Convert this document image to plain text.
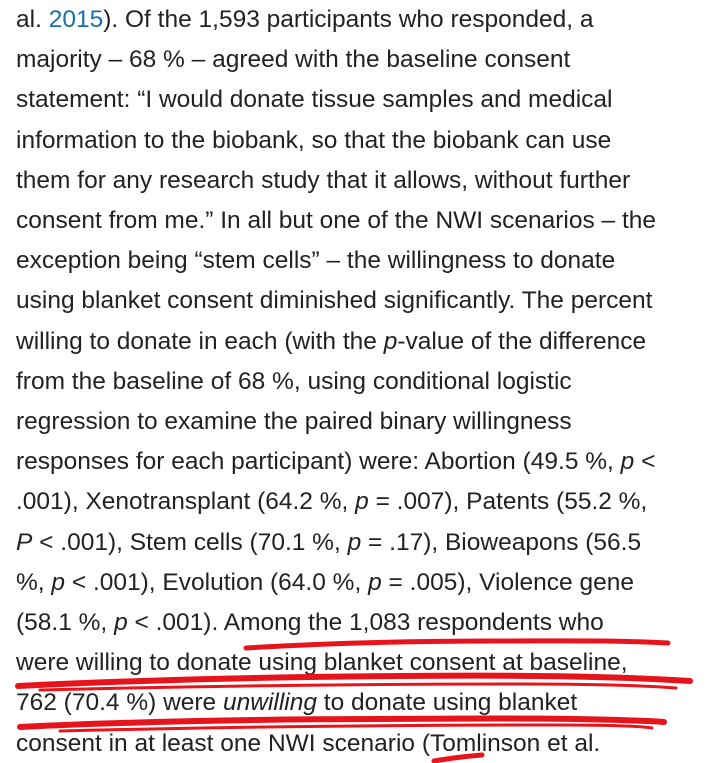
al. 2015). Of the 1,593 participants who responded, a
majority – 68 % – agreed with the baseline consent
statement: “I would donate tissue samples and medical
information to the biobank, so that the biobank can use
them for any research study that it allows, without further
consent from me.” In all but one of the NWI scenarios – the
exception being “stem cells” – the willingness to donate
using blanket consent diminished significantly. The percent
willing to donate in each (with the p-value of the difference
from the baseline of 68 %, using conditional logistic
regression to examine the paired binary willingness
responses for each participant) were: Abortion (49.5 %, p <
.001), Xenotransplant (64.2 %, p = .007), Patents (55.2 %,
P < .001), Stem cells (70.1 %, p = .17), Bioweapons (56.5
%, p < .001), Evolution (64.0 %, p = .005), Violence gene
(58.1 %, p < .001). Among the 1,083 respondents who
were willing to donate using blanket consent at baseline,
762 (70.4 %) were unwilling to donate using blanket
consent in at least one NWI scenario (Tomlinson et al.
